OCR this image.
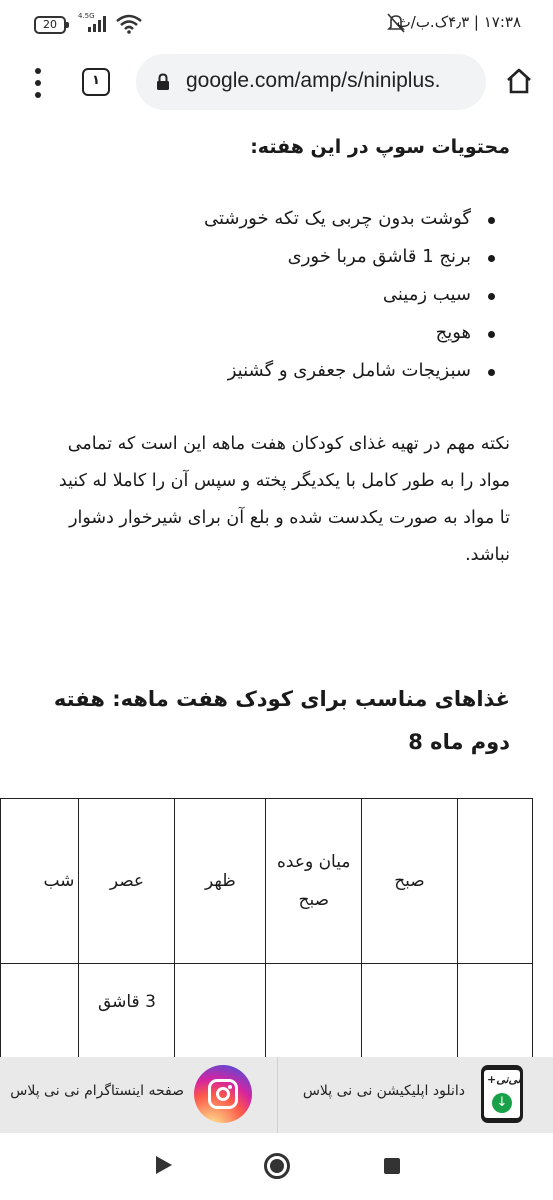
20
4.5G	۱۷:۳۸ | ۴٫۳ک.ب/ث
۱	google.com/amp/s/niniplus.
محتویات سوپ در این هفته:
گوشت بدون چربی یک تکه خورشتی
برنج 1 قاشق مربا خوری
سیب زمینی
هویج
سبزیجات شامل جعفری و گشنیز

نکته مهم در تهیه غذای کودکان هفت ماهه این است که تمامی مواد را به طور کامل با یکدیگر پخته و سپس آن را کاملا له کنید تا مواد به صورت یکدست شده و بلع آن برای شیرخوار دشوار نباشد.

غذاهای مناسب برای کودک هفت ماهه: هفته دوم ماه 8
	صبح	میان وعده صبح	ظهر	عصر	شب
				3 قاشق	
نی‌نی+
↓
دانلود اپلیکیشن نی نی پلاس
صفحه اینستاگرام نی نی پلاس
